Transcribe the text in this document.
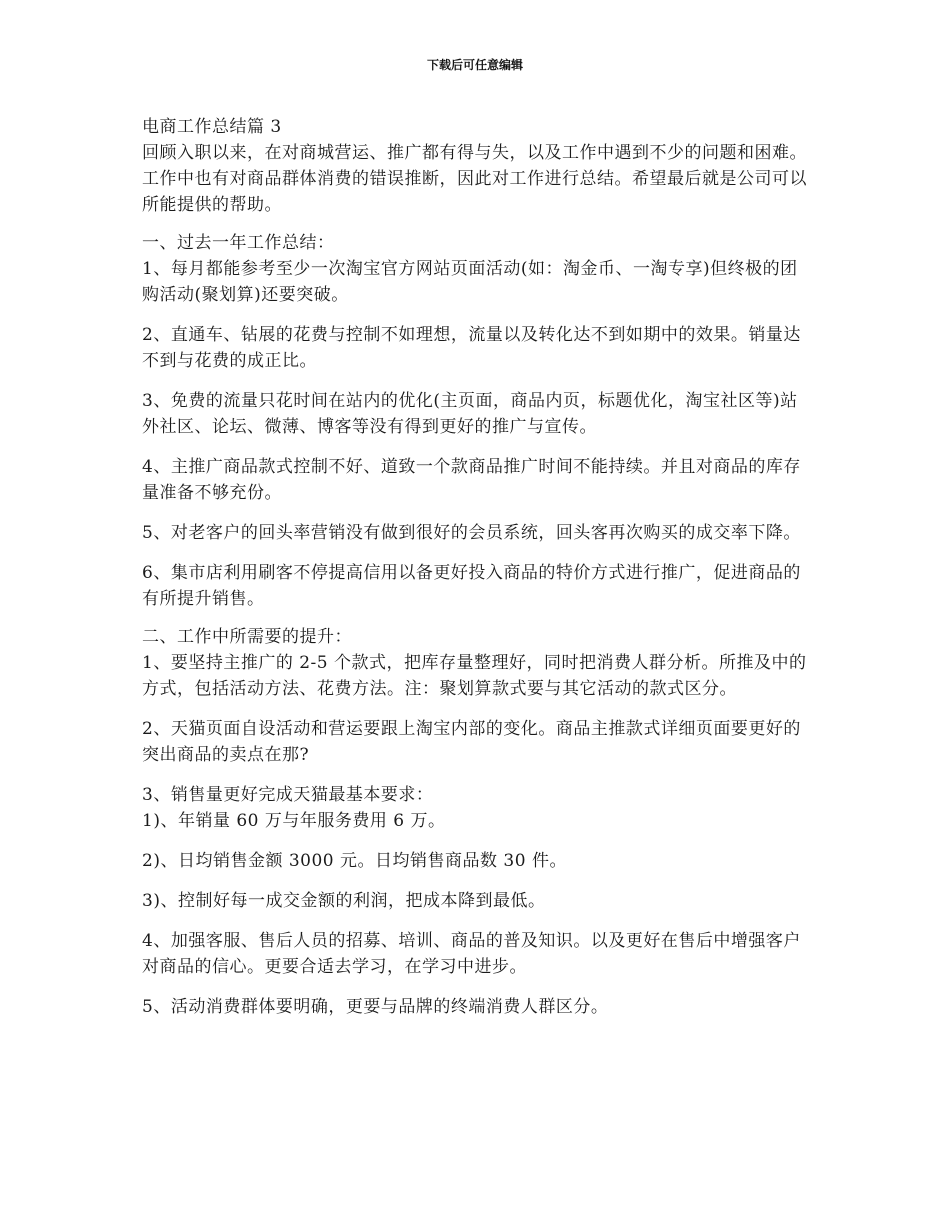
下载后可任意编辑

电商工作总结篇 3

回顾入职以来，在对商城营运、推广都有得与失，以及工作中遇到不少的问题和困难。工作中也有对商品群体消费的错误推断，因此对工作进行总结。希望最后就是公司可以所能提供的帮助。

一、过去一年工作总结：

1、每月都能参考至少一次淘宝官方网站页面活动(如：淘金币、一淘专享)但终极的团购活动(聚划算)还要突破。

2、直通车、钻展的花费与控制不如理想，流量以及转化达不到如期中的效果。销量达不到与花费的成正比。

3、免费的流量只花时间在站内的优化(主页面，商品内页，标题优化，淘宝社区等)站外社区、论坛、微薄、博客等没有得到更好的推广与宣传。

4、主推广商品款式控制不好、道致一个款商品推广时间不能持续。并且对商品的库存量准备不够充份。

5、对老客户的回头率营销没有做到很好的会员系统，回头客再次购买的成交率下降。

6、集市店利用刷客不停提高信用以备更好投入商品的特价方式进行推广，促进商品的有所提升销售。

二、工作中所需要的提升：

1、要坚持主推广的 2-5 个款式，把库存量整理好，同时把消费人群分析。所推及中的方式，包括活动方法、花费方法。注：聚划算款式要与其它活动的款式区分。

2、天猫页面自设活动和营运要跟上淘宝内部的变化。商品主推款式详细页面要更好的突出商品的卖点在那?

3、销售量更好完成天猫最基本要求：

1)、年销量 60 万与年服务费用 6 万。

2)、日均销售金额 3000 元。日均销售商品数 30 件。

3)、控制好每一成交金额的利润，把成本降到最低。

4、加强客服、售后人员的招募、培训、商品的普及知识。以及更好在售后中增强客户对商品的信心。更要合适去学习，在学习中进步。

5、活动消费群体要明确，更要与品牌的终端消费人群区分。
